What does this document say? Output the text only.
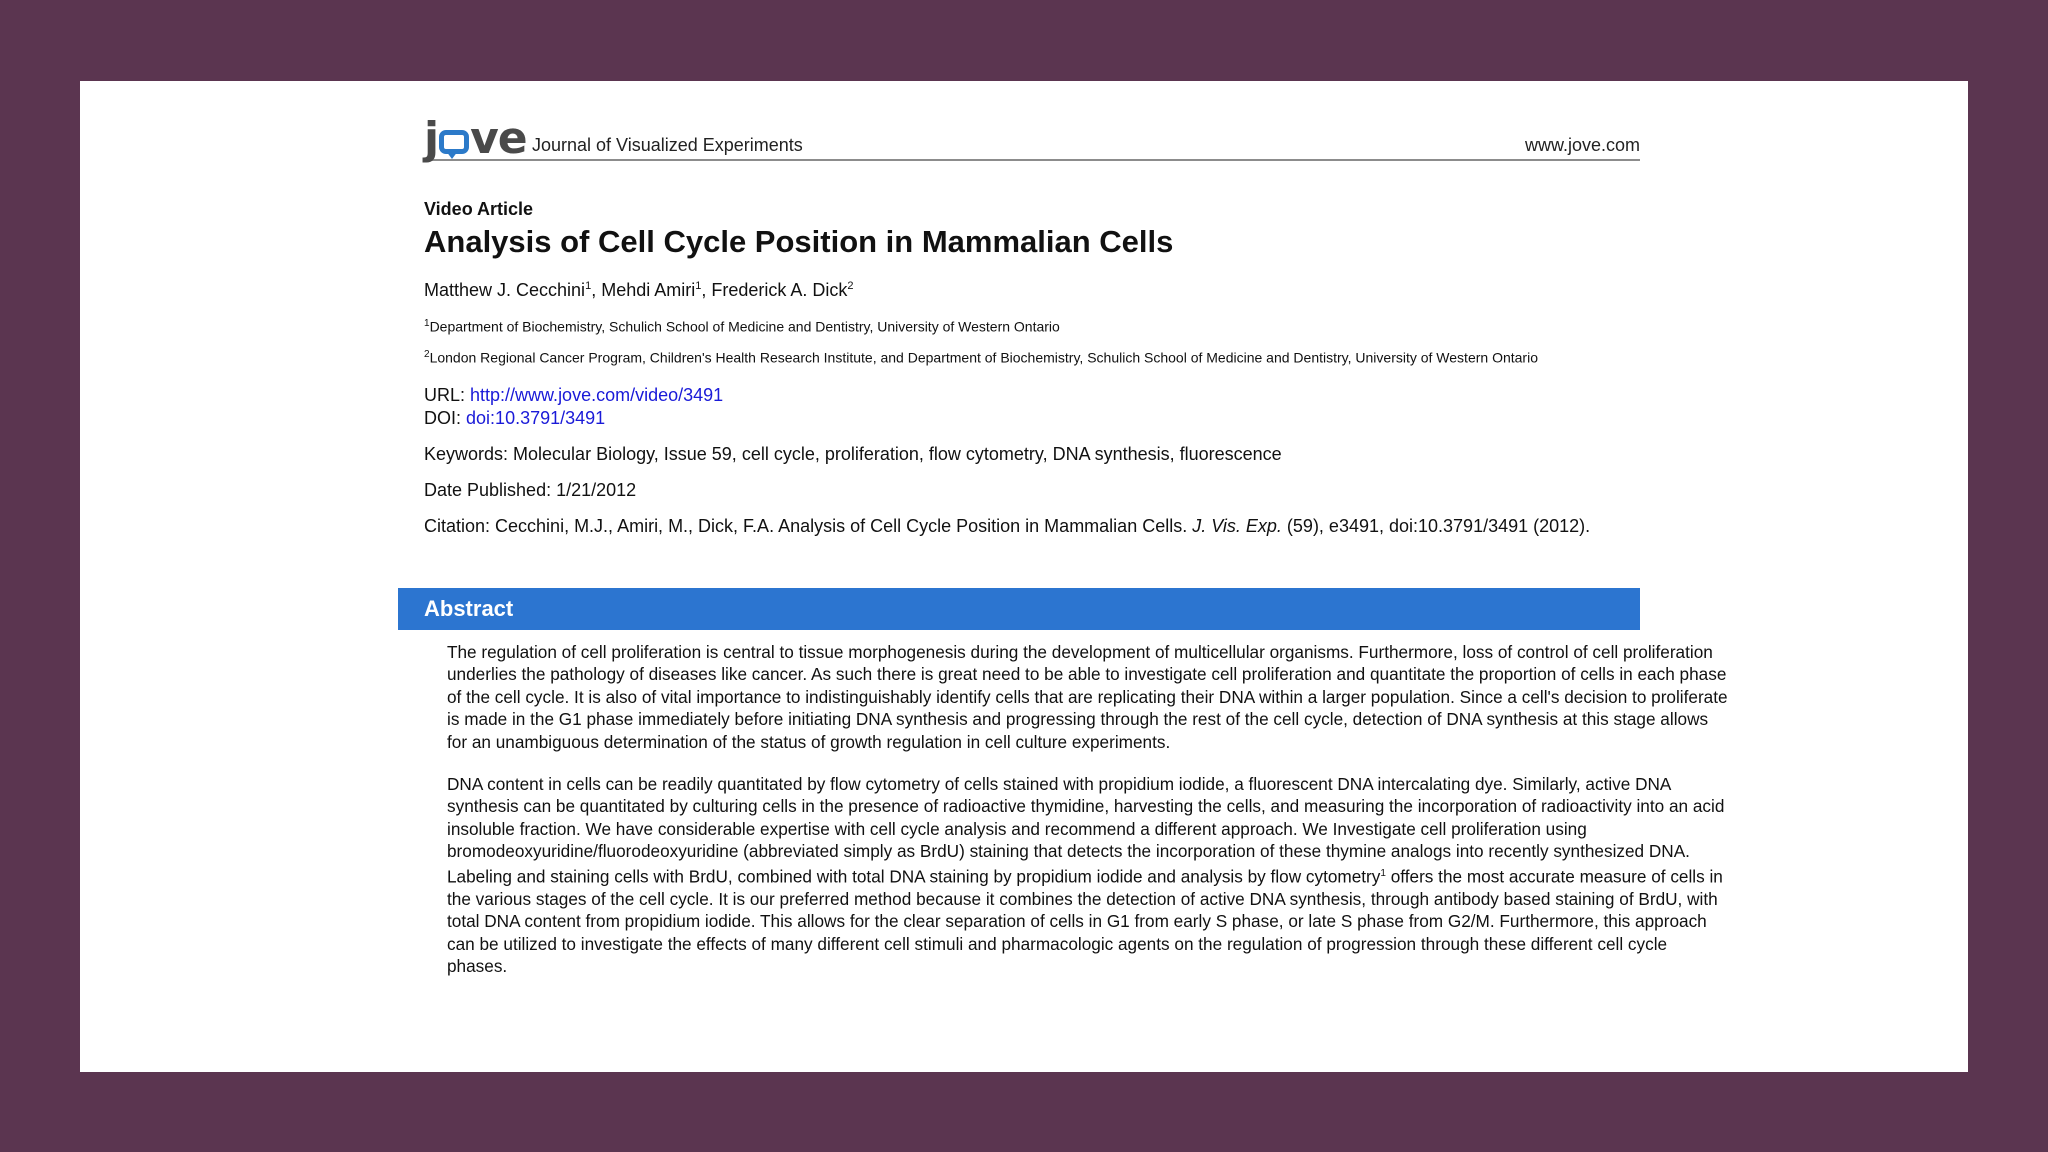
j ve Journal of Visualized Experiments	www.jove.com
Video Article
Analysis of Cell Cycle Position in Mammalian Cells
Matthew J. Cecchini$^1$, Mehdi Amiri$^1$, Frederick A. Dick$^2$
$^1$Department of Biochemistry, Schulich School of Medicine and Dentistry, University of Western Ontario
$^2$London Regional Cancer Program, Children's Health Research Institute, and Department of Biochemistry, Schulich School of Medicine and Dentistry, University of Western Ontario
URL: http://www.jove.com/video/3491
DOI: doi:10.3791/3491
Keywords: Molecular Biology, Issue 59, cell cycle, proliferation, flow cytometry, DNA synthesis, fluorescence
Date Published: 1/21/2012
Citation: Cecchini, M.J., Amiri, M., Dick, F.A. Analysis of Cell Cycle Position in Mammalian Cells. J. Vis. Exp. (59), e3491, doi:10.3791/3491 (2012).
Abstract

The regulation of cell proliferation is central to tissue morphogenesis during the development of multicellular organisms. Furthermore, loss of control of cell proliferation underlies the pathology of diseases like cancer. As such there is great need to be able to investigate cell proliferation and quantitate the proportion of cells in each phase of the cell cycle. It is also of vital importance to indistinguishably identify cells that are replicating their DNA within a larger population. Since a cell's decision to proliferate is made in the G1 phase immediately before initiating DNA synthesis and progressing through the rest of the cell cycle, detection of DNA synthesis at this stage allows for an unambiguous determination of the status of growth regulation in cell culture experiments.

DNA content in cells can be readily quantitated by flow cytometry of cells stained with propidium iodide, a fluorescent DNA intercalating dye. Similarly, active DNA synthesis can be quantitated by culturing cells in the presence of radioactive thymidine, harvesting the cells, and measuring the incorporation of radioactivity into an acid insoluble fraction. We have considerable expertise with cell cycle analysis and recommend a different approach. We Investigate cell proliferation using bromodeoxyuridine/fluorodeoxyuridine (abbreviated simply as BrdU) staining that detects the incorporation of these thymine analogs into recently synthesized DNA. Labeling and staining cells with BrdU, combined with total DNA staining by propidium iodide and analysis by flow cytometry$^1$ offers the most accurate measure of cells in the various stages of the cell cycle. It is our preferred method because it combines the detection of active DNA synthesis, through antibody based staining of BrdU, with total DNA content from propidium iodide. This allows for the clear separation of cells in G1 from early S phase, or late S phase from G2/M. Furthermore, this approach can be utilized to investigate the effects of many different cell stimuli and pharmacologic agents on the regulation of progression through these different cell cycle phases.
